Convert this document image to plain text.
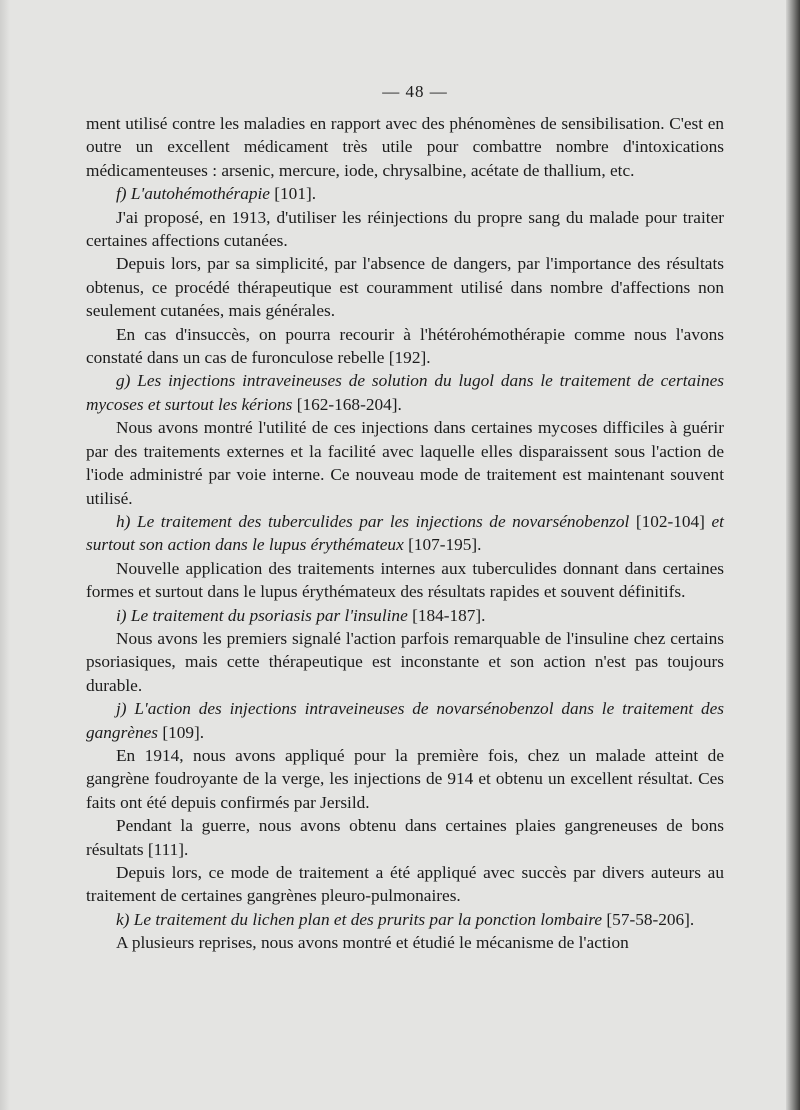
— 48 —

ment utilisé contre les maladies en rapport avec des phénomènes de sensibilisation. C'est en outre un excellent médicament très utile pour combattre nombre d'intoxications médicamenteuses : arsenic, mercure, iode, chrysalbine, acétate de thallium, etc.

f) L'autohémothérapie [101].

J'ai proposé, en 1913, d'utiliser les réinjections du propre sang du malade pour traiter certaines affections cutanées.

Depuis lors, par sa simplicité, par l'absence de dangers, par l'importance des résultats obtenus, ce procédé thérapeutique est couramment utilisé dans nombre d'affections non seulement cutanées, mais générales.

En cas d'insuccès, on pourra recourir à l'hétérohémothérapie comme nous l'avons constaté dans un cas de furonculose rebelle [192].

g) Les injections intraveineuses de solution du lugol dans le traitement de certaines mycoses et surtout les kérions [162-168-204].

Nous avons montré l'utilité de ces injections dans certaines mycoses difficiles à guérir par des traitements externes et la facilité avec laquelle elles disparaissent sous l'action de l'iode administré par voie interne. Ce nouveau mode de traitement est maintenant souvent utilisé.

h) Le traitement des tuberculides par les injections de novarsénobenzol [102-104] et surtout son action dans le lupus érythémateux [107-195].

Nouvelle application des traitements internes aux tuberculides donnant dans certaines formes et surtout dans le lupus érythémateux des résultats rapides et souvent définitifs.

i) Le traitement du psoriasis par l'insuline [184-187].

Nous avons les premiers signalé l'action parfois remarquable de l'insuline chez certains psoriasiques, mais cette thérapeutique est inconstante et son action n'est pas toujours durable.

j) L'action des injections intraveineuses de novarsénobenzol dans le traitement des gangrènes [109].

En 1914, nous avons appliqué pour la première fois, chez un malade atteint de gangrène foudroyante de la verge, les injections de 914 et obtenu un excellent résultat. Ces faits ont été depuis confirmés par Jersild.

Pendant la guerre, nous avons obtenu dans certaines plaies gangreneuses de bons résultats [111].

Depuis lors, ce mode de traitement a été appliqué avec succès par divers auteurs au traitement de certaines gangrènes pleuro-pulmonaires.

k) Le traitement du lichen plan et des prurits par la ponction lombaire [57-58-206].

A plusieurs reprises, nous avons montré et étudié le mécanisme de l'action
